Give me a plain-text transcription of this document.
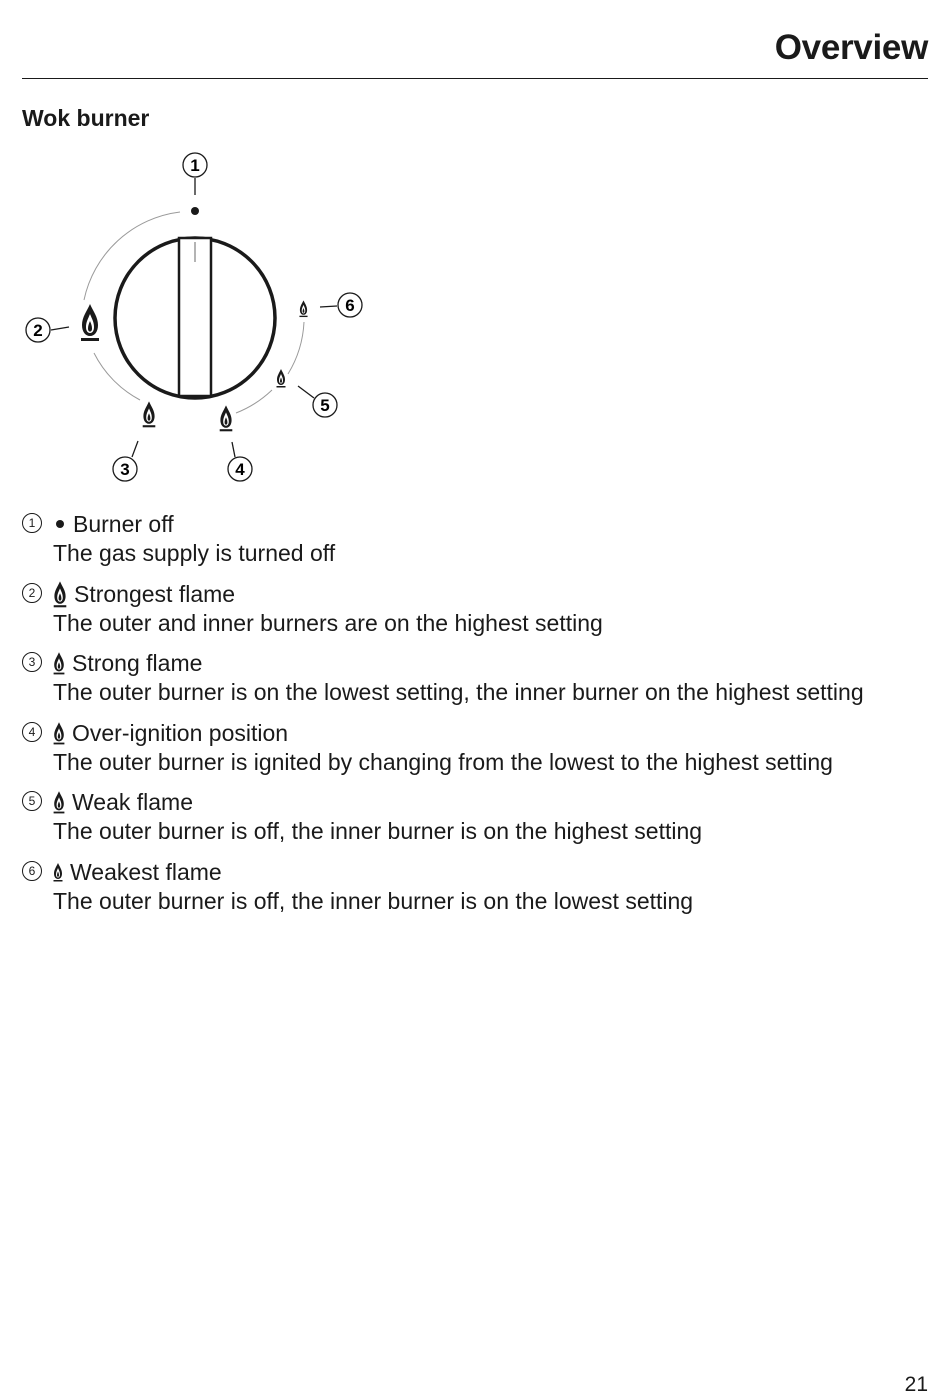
Overview
Wok burner
1
2
3	4
5
6
1 Burner off
The gas supply is turned off
2 Strongest flame
The outer and inner burners are on the highest setting
3 Strong flame
The outer burner is on the lowest setting, the inner burner on the highest setting
4 Over-ignition position
The outer burner is ignited by changing from the lowest to the highest setting
5 Weak flame
The outer burner is off, the inner burner is on the highest setting
6 Weakest flame
The outer burner is off, the inner burner is on the lowest setting
21
